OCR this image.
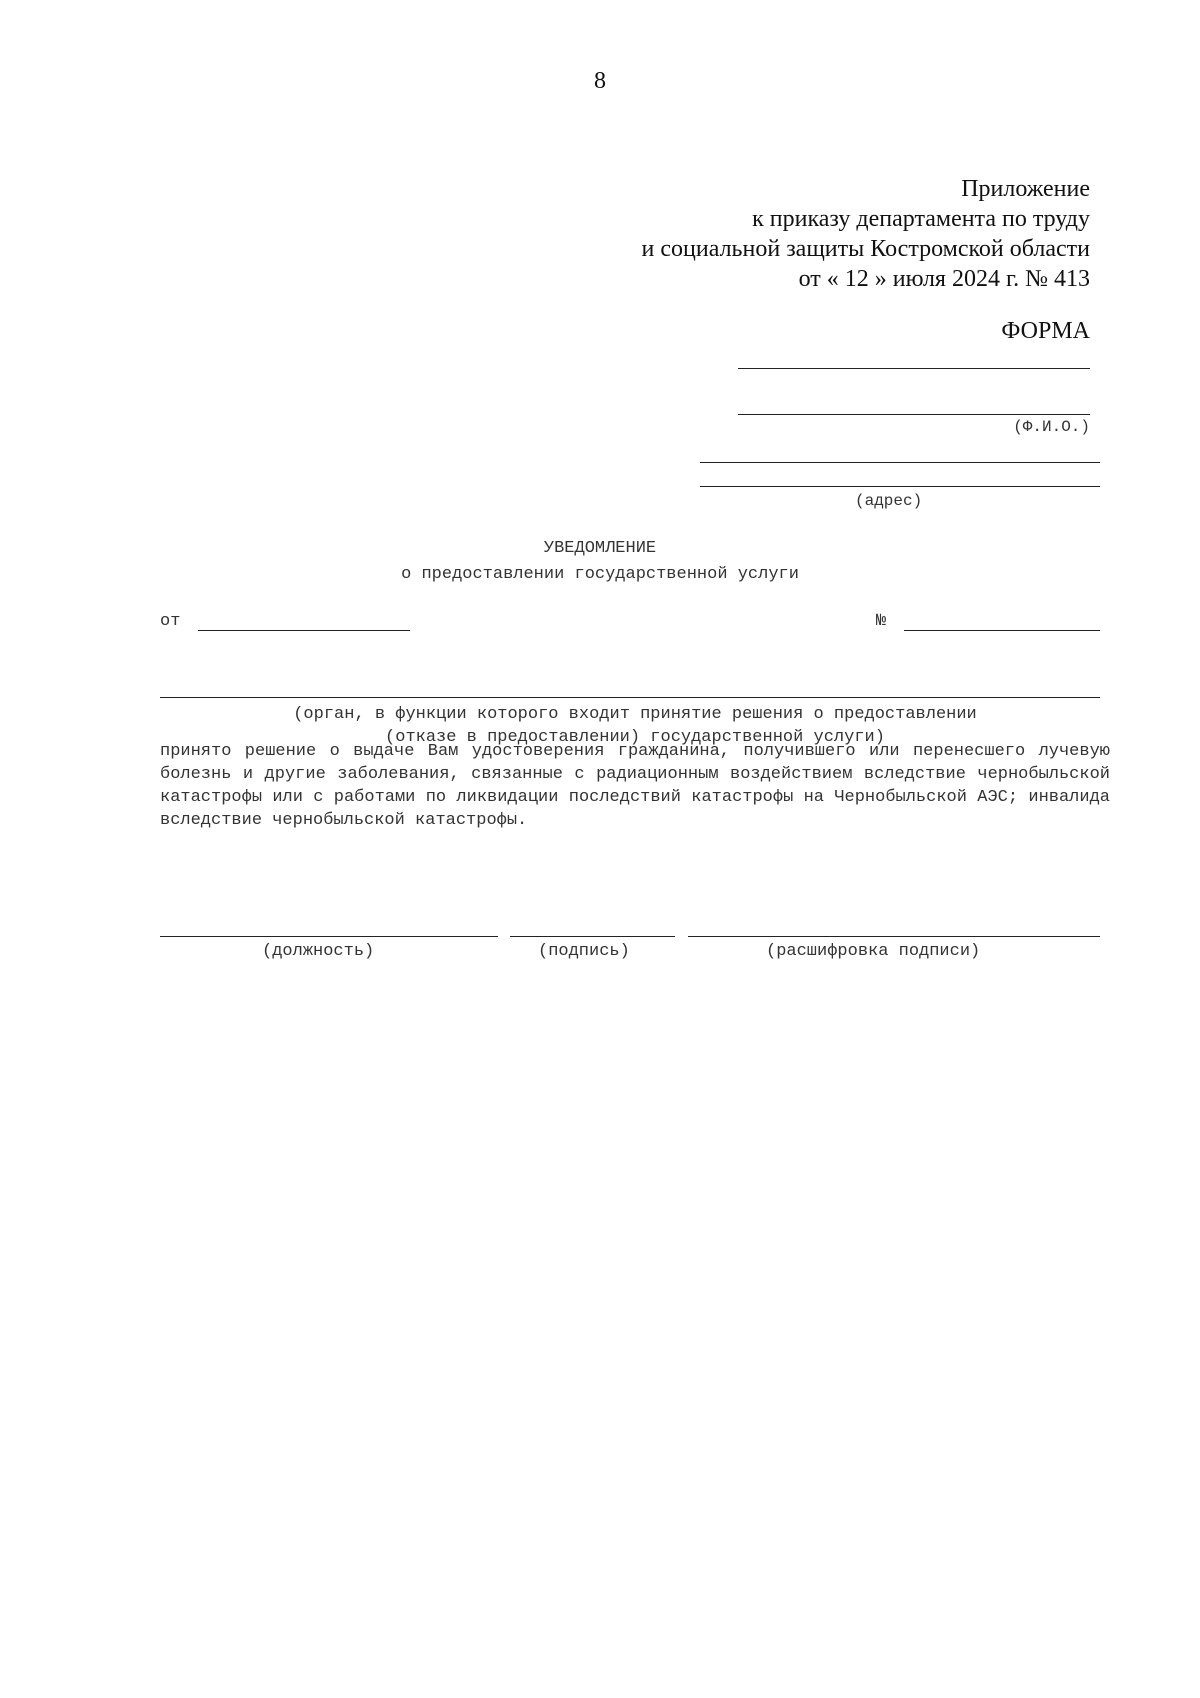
8
Приложение
к приказу департамента по труду
и социальной защиты Костромской области
от « 12 » июля 2024 г. № 413
ФОРМА
(Ф.И.О.)
(адрес)
УВЕДОМЛЕНИЕ
о предоставлении государственной услуги
от	№
(орган, в функции которого входит принятие решения о предоставлении
(отказе в предоставлении) государственной услуги)
принято решение о выдаче Вам удостоверения гражданина, получившего или перенесшего лучевую болезнь и другие заболевания, связанные с радиационным воздействием вследствие чернобыльской катастрофы или с работами по ликвидации последствий катастрофы на Чернобыльской АЭС; инвалида вследствие чернобыльской катастрофы.
(должность)	(подпись)	(расшифровка подписи)
